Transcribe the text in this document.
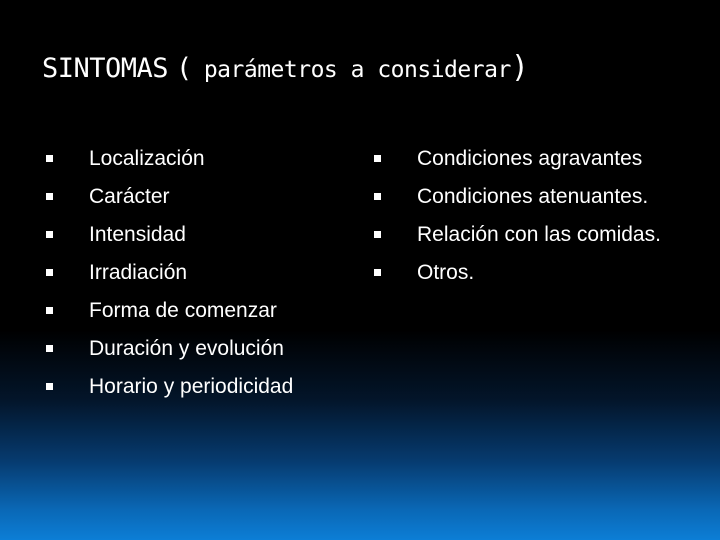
SINTOMAS ( parámetros a considerar)
Localización
Carácter
Intensidad
Irradiación
Forma de comenzar
Duración y evolución
Horario y periodicidad
Condiciones agravantes
Condiciones atenuantes.
Relación con las comidas.
Otros.
